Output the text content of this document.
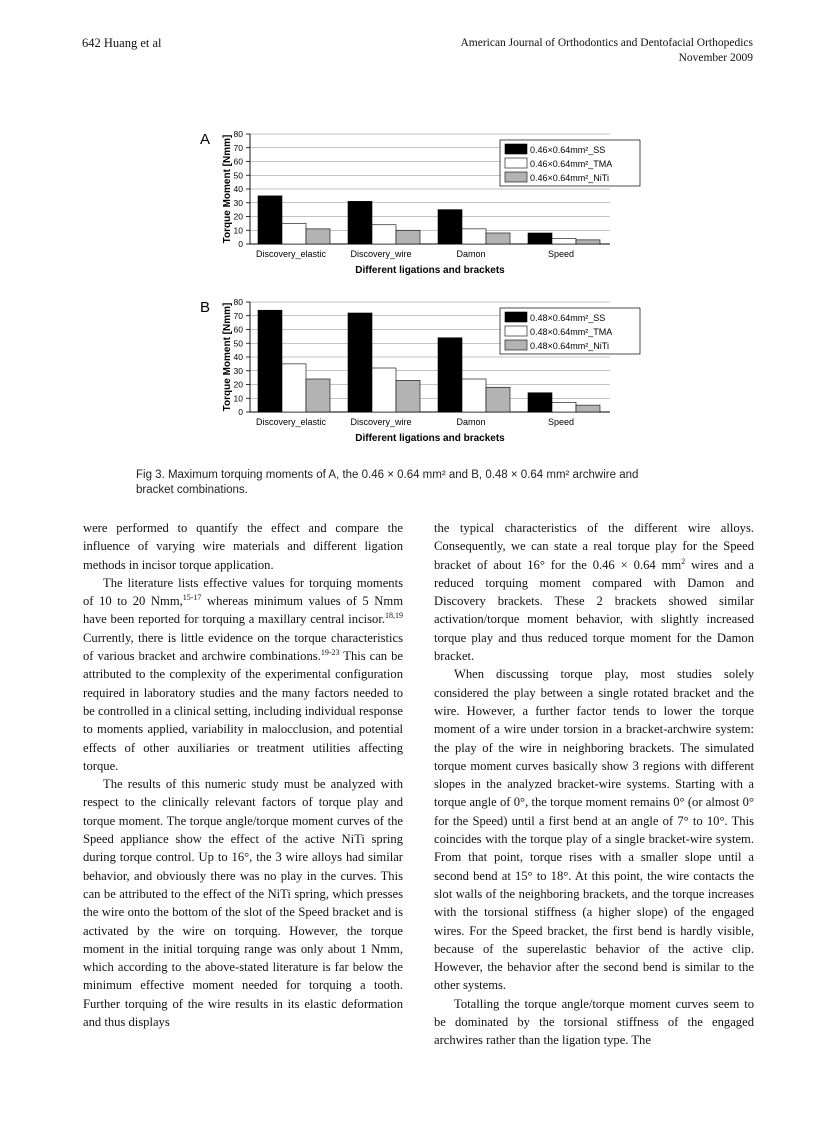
642 Huang et al	American Journal of Orthodontics and Dentofacial Orthopedics
November 2009
A Torque Moment [Nmm]
0
10
20
30
40
50
60
70
80
Discovery_elastic	Discovery_wire	Damon	Speed
Different ligations and brackets
0.46×0.64mm²_SS
0.46×0.64mm²_TMA
0.46×0.64mm²_NiTi
B Torque Moment [Nmm]
0
10
20
30
40
50
60
70
80
Discovery_elastic	Discovery_wire	Damon	Speed
Different ligations and brackets
0.48×0.64mm²_SS
0.48×0.64mm²_TMA
0.48×0.64mm²_NiTi
Fig 3. Maximum torquing moments of A, the 0.46 × 0.64 mm² and B, 0.48 × 0.64 mm² archwire and
bracket combinations.

were performed to quantify the effect and compare the influence of varying wire materials and different ligation methods in incisor torque application.

The literature lists effective values for torquing moments of 10 to 20 Nmm,$^{15-17}$ whereas minimum values of 5 Nmm have been reported for torquing a maxillary central incisor.$^{18,19}$ Currently, there is little evidence on the torque characteristics of various bracket and archwire combinations.$^{19-23}$ This can be attributed to the complexity of the experimental configuration required in laboratory studies and the many factors needed to be controlled in a clinical setting, including individual response to moments applied, variability in malocclusion, and potential effects of other auxiliaries or treatment utilities affecting torque.

The results of this numeric study must be analyzed with respect to the clinically relevant factors of torque play and torque moment. The torque angle/torque moment curves of the Speed appliance show the effect of the active NiTi spring during torque control. Up to 16°, the 3 wire alloys had similar behavior, and obviously there was no play in the curves. This can be attributed to the effect of the NiTi spring, which presses the wire onto the bottom of the slot of the Speed bracket and is activated by the wire on torquing. However, the torque moment in the initial torquing range was only about 1 Nmm, which according to the above-stated literature is far below the minimum effective moment needed for torquing a tooth. Further torquing of the wire results in its elastic deformation and thus displays

the typical characteristics of the different wire alloys. Consequently, we can state a real torque play for the Speed bracket of about 16° for the 0.46 × 0.64 $mm^2$ wires and a reduced torquing moment compared with Damon and Discovery brackets. These 2 brackets showed similar activation/torque moment behavior, with slightly increased torque play and thus reduced torque moment for the Damon bracket.

When discussing torque play, most studies solely considered the play between a single rotated bracket and the wire. However, a further factor tends to lower the torque moment of a wire under torsion in a bracket-archwire system: the play of the wire in neighboring brackets. The simulated torque moment curves basically show 3 regions with different slopes in the analyzed bracket-wire systems. Starting with a torque angle of 0°, the torque moment remains 0° (or almost 0° for the Speed) until a first bend at an angle of 7° to 10°. This coincides with the torque play of a single bracket-wire system. From that point, torque rises with a smaller slope until a second bend at 15° to 18°. At this point, the wire contacts the slot walls of the neighboring brackets, and the torque increases with the torsional stiffness (a higher slope) of the engaged wires. For the Speed bracket, the first bend is hardly visible, because of the superelastic behavior of the active clip. However, the behavior after the second bend is similar to the other systems.

Totalling the torque angle/torque moment curves seem to be dominated by the torsional stiffness of the engaged archwires rather than the ligation type. The
